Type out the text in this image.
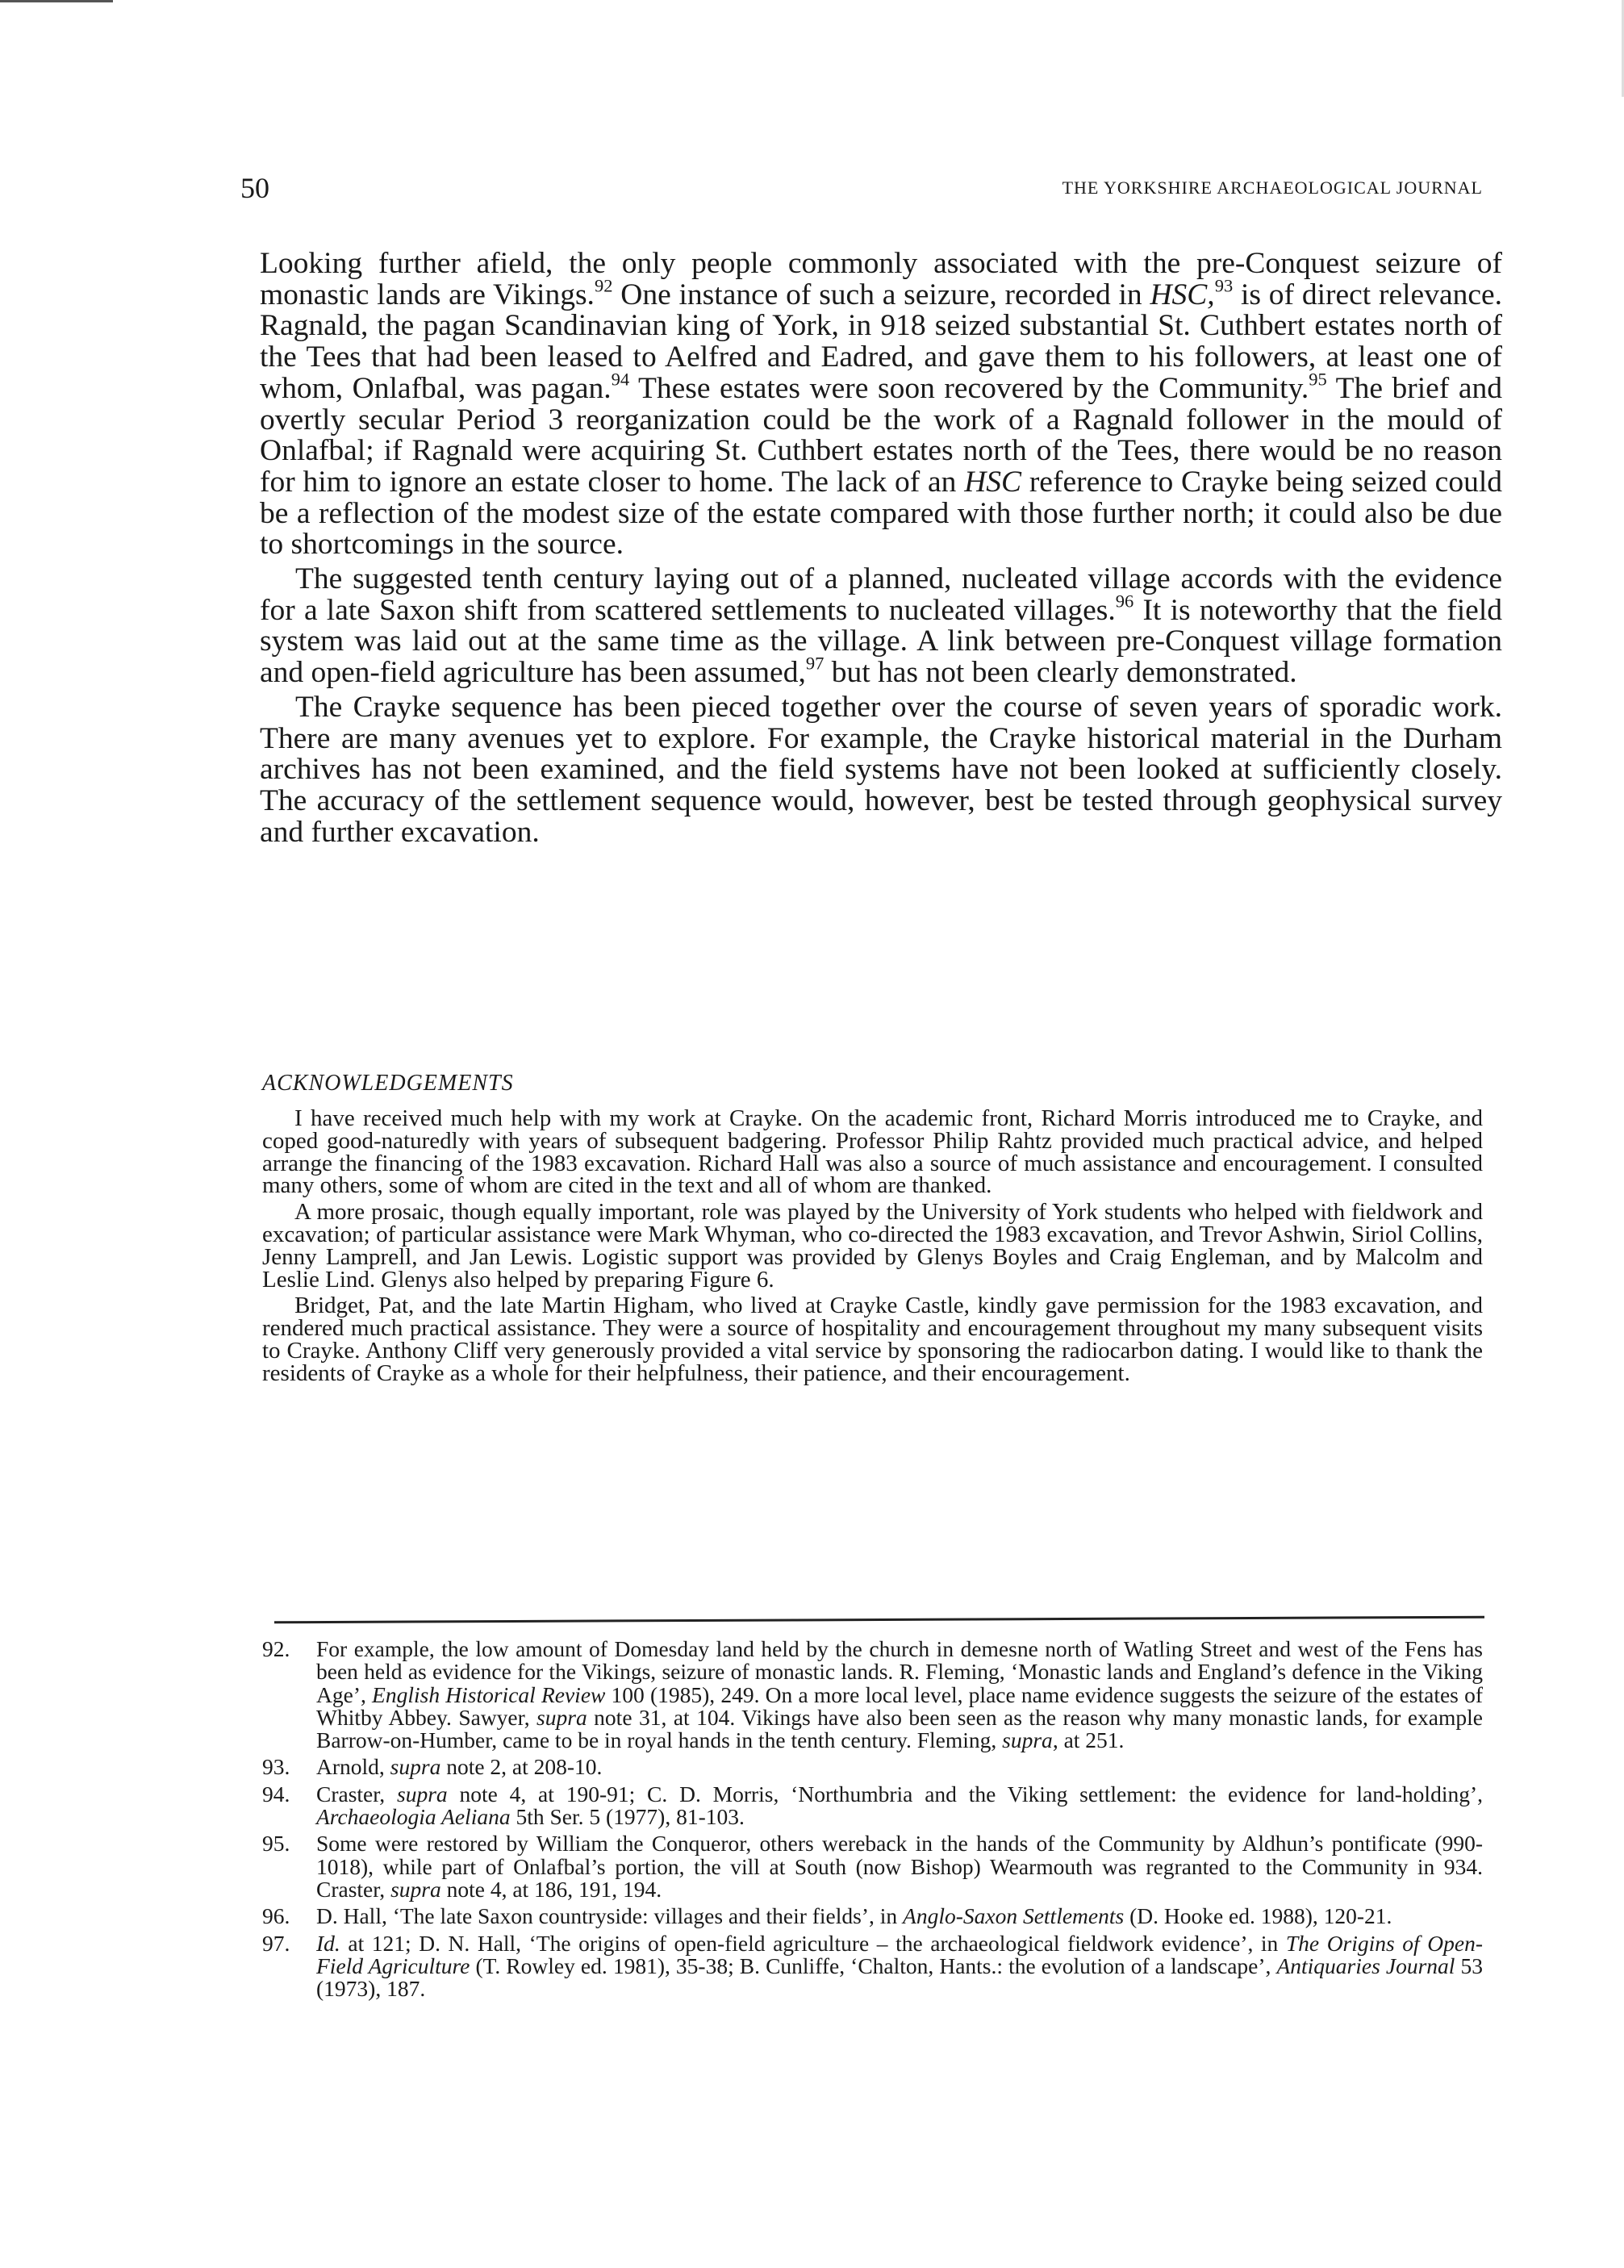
50	THE YORKSHIRE ARCHAEOLOGICAL JOURNAL

Looking further afield, the only people commonly associated with the pre-Conquest seizure of monastic lands are Vikings.$^{92}$ One instance of such a seizure, recorded in HSC,$^{93}$ is of direct relevance. Ragnald, the pagan Scandinavian king of York, in 918 seized substantial St. Cuthbert estates north of the Tees that had been leased to Aelfred and Eadred, and gave them to his followers, at least one of whom, Onlafbal, was pagan.$^{94}$ These estates were soon recovered by the Community.$^{95}$ The brief and overtly secular Period 3 reorganization could be the work of a Ragnald follower in the mould of Onlafbal; if Ragnald were acquiring St. Cuthbert estates north of the Tees, there would be no reason for him to ignore an estate closer to home. The lack of an HSC reference to Crayke being seized could be a reflection of the modest size of the estate compared with those further north; it could also be due to shortcomings in the source.

The suggested tenth century laying out of a planned, nucleated village accords with the evidence for a late Saxon shift from scattered settlements to nucleated villages.$^{96}$ It is noteworthy that the field system was laid out at the same time as the village. A link between pre-Conquest village formation and open-field agriculture has been assumed,$^{97}$ but has not been clearly demonstrated.

The Crayke sequence has been pieced together over the course of seven years of sporadic work. There are many avenues yet to explore. For example, the Crayke historical material in the Durham archives has not been examined, and the field systems have not been looked at sufficiently closely. The accuracy of the settlement sequence would, however, best be tested through geophysical survey and further excavation.

ACKNOWLEDGEMENTS

I have received much help with my work at Crayke. On the academic front, Richard Morris introduced me to Crayke, and coped good-naturedly with years of subsequent badgering. Professor Philip Rahtz provided much practical advice, and helped arrange the financing of the 1983 excavation. Richard Hall was also a source of much assistance and encouragement. I consulted many others, some of whom are cited in the text and all of whom are thanked.

A more prosaic, though equally important, role was played by the University of York students who helped with fieldwork and excavation; of particular assistance were Mark Whyman, who co-directed the 1983 excavation, and Trevor Ashwin, Siriol Collins, Jenny Lamprell, and Jan Lewis. Logistic support was provided by Glenys Boyles and Craig Engleman, and by Malcolm and Leslie Lind. Glenys also helped by preparing Figure 6.

Bridget, Pat, and the late Martin Higham, who lived at Crayke Castle, kindly gave permission for the 1983 excavation, and rendered much practical assistance. They were a source of hospitality and encouragement throughout my many subsequent visits to Crayke. Anthony Cliff very generously provided a vital service by sponsoring the radiocarbon dating. I would like to thank the residents of Crayke as a whole for their helpfulness, their patience, and their encouragement.

92. For example, the low amount of Domesday land held by the church in demesne north of Watling Street and west of the Fens has been held as evidence for the Vikings, seizure of monastic lands. R. Fleming, ‘Monastic lands and England’s defence in the Viking Age’, English Historical Review 100 (1985), 249. On a more local level, place name evidence suggests the seizure of the estates of Whitby Abbey. Sawyer, supra note 31, at 104. Vikings have also been seen as the reason why many monastic lands, for example Barrow-on-Humber, came to be in royal hands in the tenth century. Fleming, supra, at 251.
93. Arnold, supra note 2, at 208-10.
94. Craster, supra note 4, at 190-91; C. D. Morris, ‘Northumbria and the Viking settlement: the evidence for land-holding’, Archaeologia Aeliana 5th Ser. 5 (1977), 81-103.
95. Some were restored by William the Conqueror, others wereback in the hands of the Community by Aldhun’s pontificate (990-1018), while part of Onlafbal’s portion, the vill at South (now Bishop) Wearmouth was regranted to the Community in 934. Craster, supra note 4, at 186, 191, 194.
96. D. Hall, ‘The late Saxon countryside: villages and their fields’, in Anglo-Saxon Settlements (D. Hooke ed. 1988), 120-21.
97. Id. at 121; D. N. Hall, ‘The origins of open-field agriculture – the archaeological fieldwork evidence’, in The Origins of Open-Field Agriculture (T. Rowley ed. 1981), 35-38; B. Cunliffe, ‘Chalton, Hants.: the evolution of a landscape’, Antiquaries Journal 53 (1973), 187.
